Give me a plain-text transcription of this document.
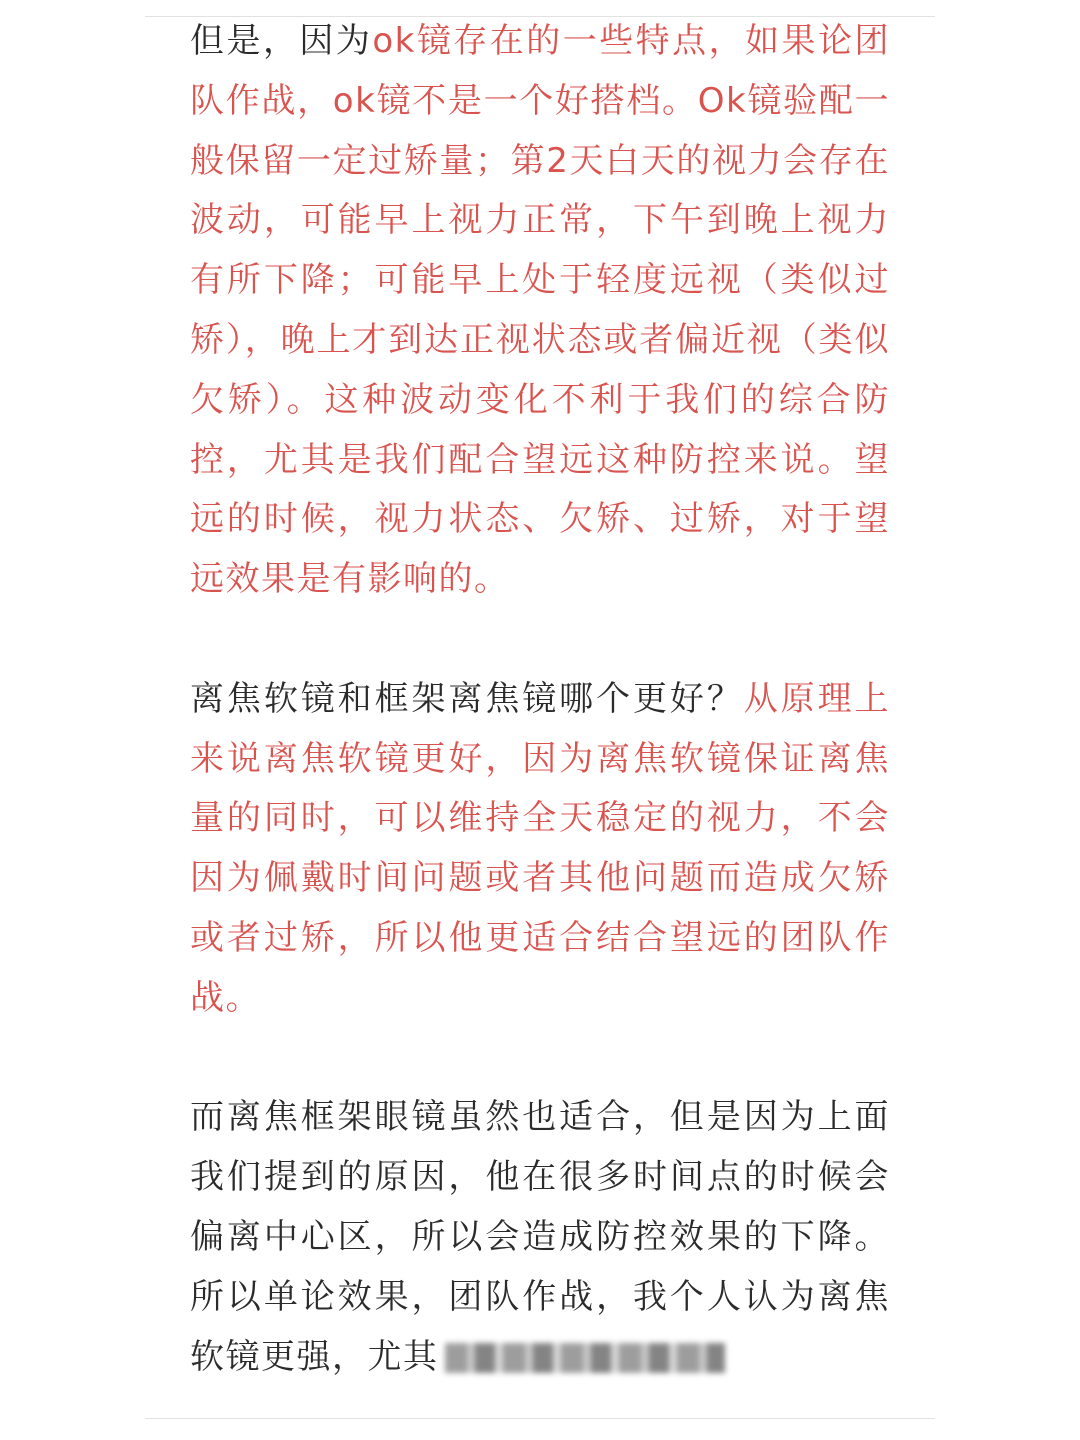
但是，因为ok镜存在的一些特点，如果论团队作战，ok镜不是一个好搭档。Ok镜验配一般保留一定过矫量；第2天白天的视力会存在波动，可能早上视力正常，下午到晚上视力有所下降；可能早上处于轻度远视（类似过矫），晚上才到达正视状态或者偏近视（类似欠矫）。这种波动变化不利于我们的综合防控，尤其是我们配合望远这种防控来说。望远的时候，视力状态、欠矫、过矫，对于望远效果是有影响的。

离焦软镜和框架离焦镜哪个更好？从原理上来说离焦软镜更好，因为离焦软镜保证离焦量的同时，可以维持全天稳定的视力，不会因为佩戴时间问题或者其他问题而造成欠矫或者过矫，所以他更适合结合望远的团队作战。

而离焦框架眼镜虽然也适合，但是因为上面我们提到的原因，他在很多时间点的时候会偏离中心区，所以会造成防控效果的下降。所以单论效果，团队作战，我个人认为离焦软镜更强，尤其
